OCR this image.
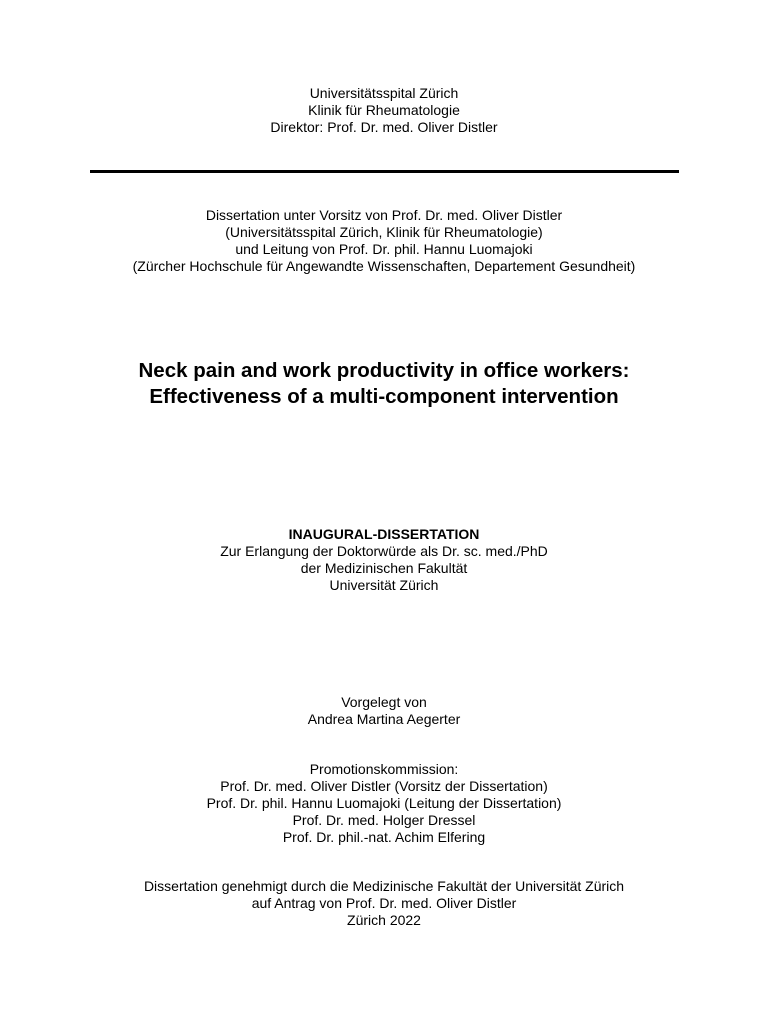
Universitätsspital Zürich
Klinik für Rheumatologie
Direktor: Prof. Dr. med. Oliver Distler
Dissertation unter Vorsitz von Prof. Dr. med. Oliver Distler
(Universitätsspital Zürich, Klinik für Rheumatologie)
und Leitung von Prof. Dr. phil. Hannu Luomajoki
(Zürcher Hochschule für Angewandte Wissenschaften, Departement Gesundheit)
Neck pain and work productivity in office workers:
Effectiveness of a multi-component intervention
INAUGURAL-DISSERTATION
Zur Erlangung der Doktorwürde als Dr. sc. med./PhD
der Medizinischen Fakultät
Universität Zürich
Vorgelegt von
Andrea Martina Aegerter
Promotionskommission:
Prof. Dr. med. Oliver Distler (Vorsitz der Dissertation)
Prof. Dr. phil. Hannu Luomajoki (Leitung der Dissertation)
Prof. Dr. med. Holger Dressel
Prof. Dr. phil.-nat. Achim Elfering
Dissertation genehmigt durch die Medizinische Fakultät der Universität Zürich
auf Antrag von Prof. Dr. med. Oliver Distler
Zürich 2022
